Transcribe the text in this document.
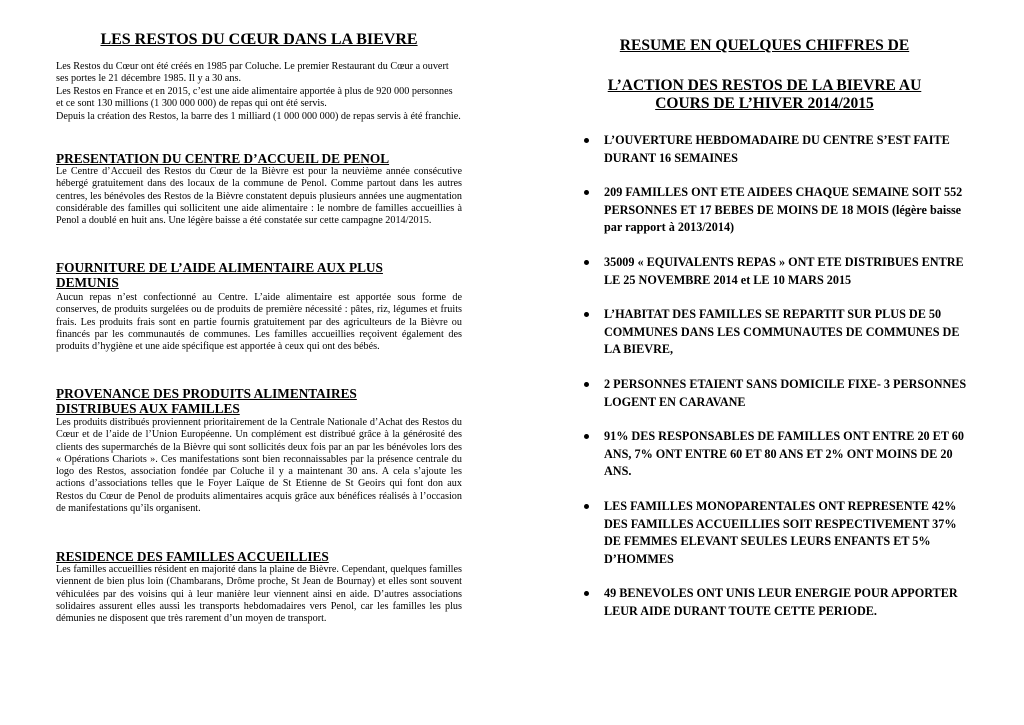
LES RESTOS DU CŒUR DANS LA BIEVRE

Les Restos du Cœur ont été créés en 1985 par Coluche. Le premier Restaurant du Cœur a ouvert ses portes le 21 décembre 1985. Il y a 30 ans.

Les Restos en France et en 2015, c’est une aide alimentaire apportée à plus de 920 000 personnes et ce sont 130 millions (1 300 000 000) de repas qui ont été servis.

Depuis la création des Restos, la barre des 1 milliard (1 000 000 000) de repas servis à été franchie.

PRESENTATION DU CENTRE D’ACCUEIL DE PENOL

Le Centre d’Accueil des Restos du Cœur de la Bièvre est pour la neuvième année consécutive hébergé gratuitement dans des locaux de la commune de Penol. Comme partout dans les autres centres, les bénévoles des Restos de la Bièvre constatent depuis plusieurs années une augmentation considérable des familles qui sollicitent une aide alimentaire : le nombre de familles accueillies à Penol a doublé en huit ans. Une légère baisse a été constatée sur cette campagne 2014/2015.

FOURNITURE DE L’AIDE ALIMENTAIRE AUX PLUS DEMUNIS

Aucun repas n’est confectionné au Centre. L’aide alimentaire est apportée sous forme de conserves, de produits surgelées ou de produits de première nécessité : pâtes, riz, légumes et fruits frais. Les produits frais sont en partie fournis gratuitement par des agriculteurs de la Bièvre ou financés par les communautés de communes. Les familles accueillies reçoivent également des produits d’hygiène et une aide spécifique est apportée à ceux qui ont des bébés.

PROVENANCE DES PRODUITS ALIMENTAIRES DISTRIBUES AUX FAMILLES

Les produits distribués proviennent prioritairement de la Centrale Nationale d’Achat des Restos du Cœur et de l’aide de l’Union Européenne. Un complément est distribué grâce à la générosité des clients des supermarchés de la Bièvre qui sont sollicités deux fois par an par les bénévoles lors des « Opérations Chariots ». Ces manifestations sont bien reconnaissables par la présence centrale du logo des Restos, association fondée par Coluche il y a maintenant 30 ans. A cela s’ajoute les actions d’associations telles que le Foyer Laïque de St Etienne de St Geoirs qui font don aux Restos du Cœur de Penol de produits alimentaires acquis grâce aux bénéfices réalisés à l’occasion de manifestations qu’ils organisent.

RESIDENCE DES FAMILLES ACCUEILLIES

Les familles accueillies résident en majorité dans la plaine de Bièvre. Cependant, quelques familles viennent de bien plus loin (Chambarans, Drôme proche, St Jean de Bournay) et elles sont souvent véhiculées par des voisins qui à leur manière leur viennent ainsi en aide. D’autres associations solidaires assurent elles aussi les transports hebdomadaires vers Penol, car les familles les plus démunies ne disposent que très rarement d’un moyen de transport.

RESUME EN QUELQUES CHIFFRES DE
L’ACTION DES RESTOS DE LA BIEVRE AU COURS DE L’HIVER 2014/2015
L’OUVERTURE HEBDOMADAIRE DU CENTRE S’EST FAITE DURANT 16 SEMAINES
209 FAMILLES ONT ETE AIDEES CHAQUE SEMAINE SOIT 552 PERSONNES ET 17 BEBES DE MOINS DE 18 MOIS (légère baisse par rapport à 2013/2014)
35009 « EQUIVALENTS REPAS » ONT ETE DISTRIBUES ENTRE LE 25 NOVEMBRE 2014 et LE 10 MARS 2015
L’HABITAT DES FAMILLES SE REPARTIT SUR PLUS DE 50 COMMUNES DANS LES COMMUNAUTES DE COMMUNES DE LA BIEVRE,
2 PERSONNES ETAIENT SANS DOMICILE FIXE- 3 PERSONNES LOGENT EN CARAVANE
91% DES RESPONSABLES DE FAMILLES ONT ENTRE 20 ET 60 ANS, 7% ONT ENTRE 60 ET 80 ANS ET 2% ONT MOINS DE 20 ANS.
LES FAMILLES MONOPARENTALES ONT REPRESENTE 42% DES FAMILLES ACCUEILLIES SOIT RESPECTIVEMENT 37% DE FEMMES ELEVANT SEULES LEURS ENFANTS ET 5% D’HOMMES
49 BENEVOLES ONT UNIS LEUR ENERGIE POUR APPORTER LEUR AIDE DURANT TOUTE CETTE PERIODE.
